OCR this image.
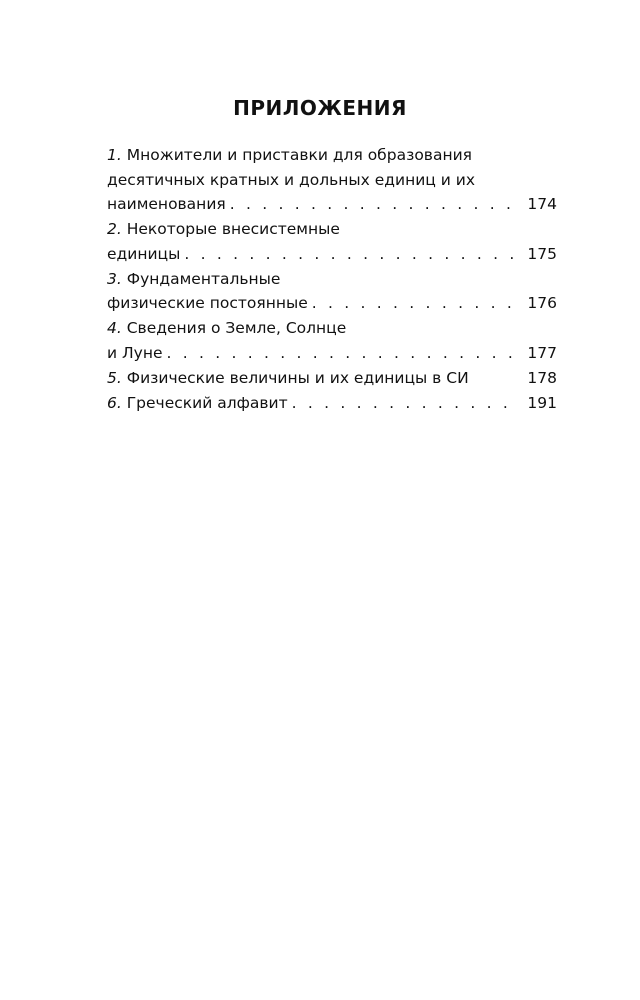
ПРИЛОЖЕНИЯ
1. Множители и приставки для образования
десятичных кратных и дольных единиц и их
наименования . . .	174
2. Некоторые внесистемные
единицы . . .	175
3. Фундаментальные
физические постоянные . . .	176
4. Сведения о Земле, Солнце
и Луне . . .	177
5. Физические величины и их единицы в СИ	178
6. Греческий алфавит . . .	191
